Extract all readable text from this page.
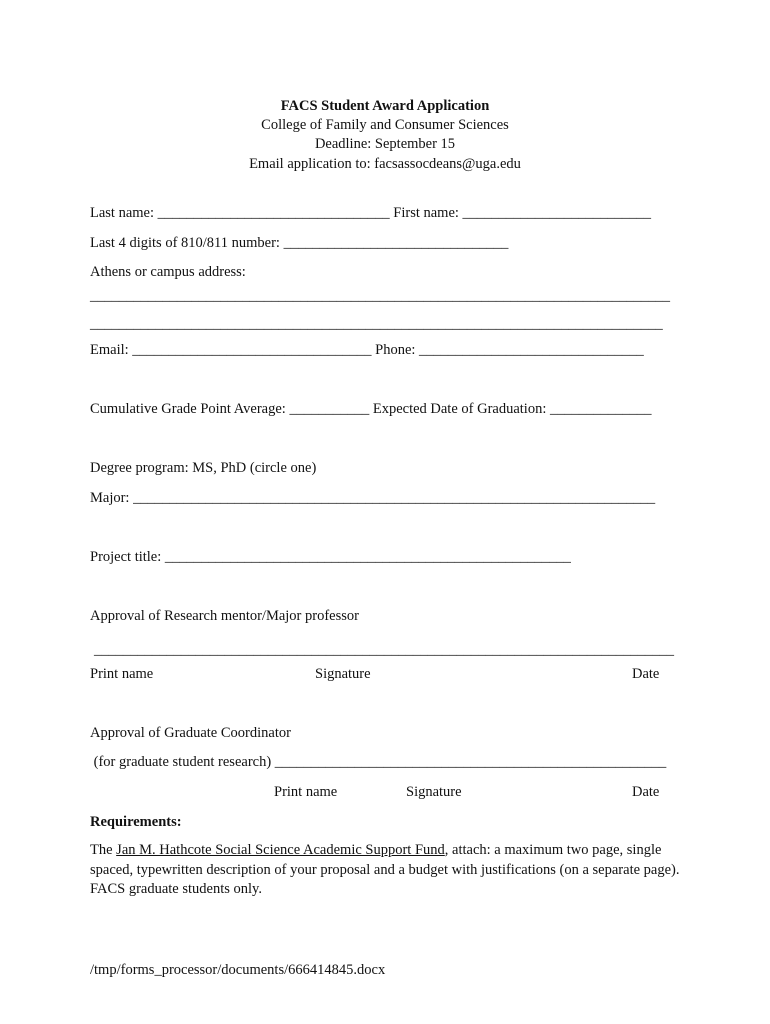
FACS Student Award Application
College of Family and Consumer Sciences
Deadline: September 15
Email application to: facsassocdeans@uga.edu
Last name: ________________________________ First name: __________________________
Last 4 digits of 810/811 number: _______________________________
Athens or campus address:
________________________________________________________________________________
_______________________________________________________________________________
Email: _________________________________ Phone: _______________________________
Cumulative Grade Point Average: ___________ Expected Date of Graduation: ______________
Degree program: MS, PhD (circle one)
Major: ________________________________________________________________________
Project title: ________________________________________________________
Approval of Research mentor/Major professor
________________________________________________________________________________
Print name	Signature	Date
Approval of Graduate Coordinator
(for graduate student research) ______________________________________________________
Print name	Signature	Date
Requirements:
The Jan M. Hathcote Social Science Academic Support Fund, attach: a maximum two page, single spaced, typewritten description of your proposal and a budget with justifications (on a separate page). FACS graduate students only.
/tmp/forms_processor/documents/666414845.docx
